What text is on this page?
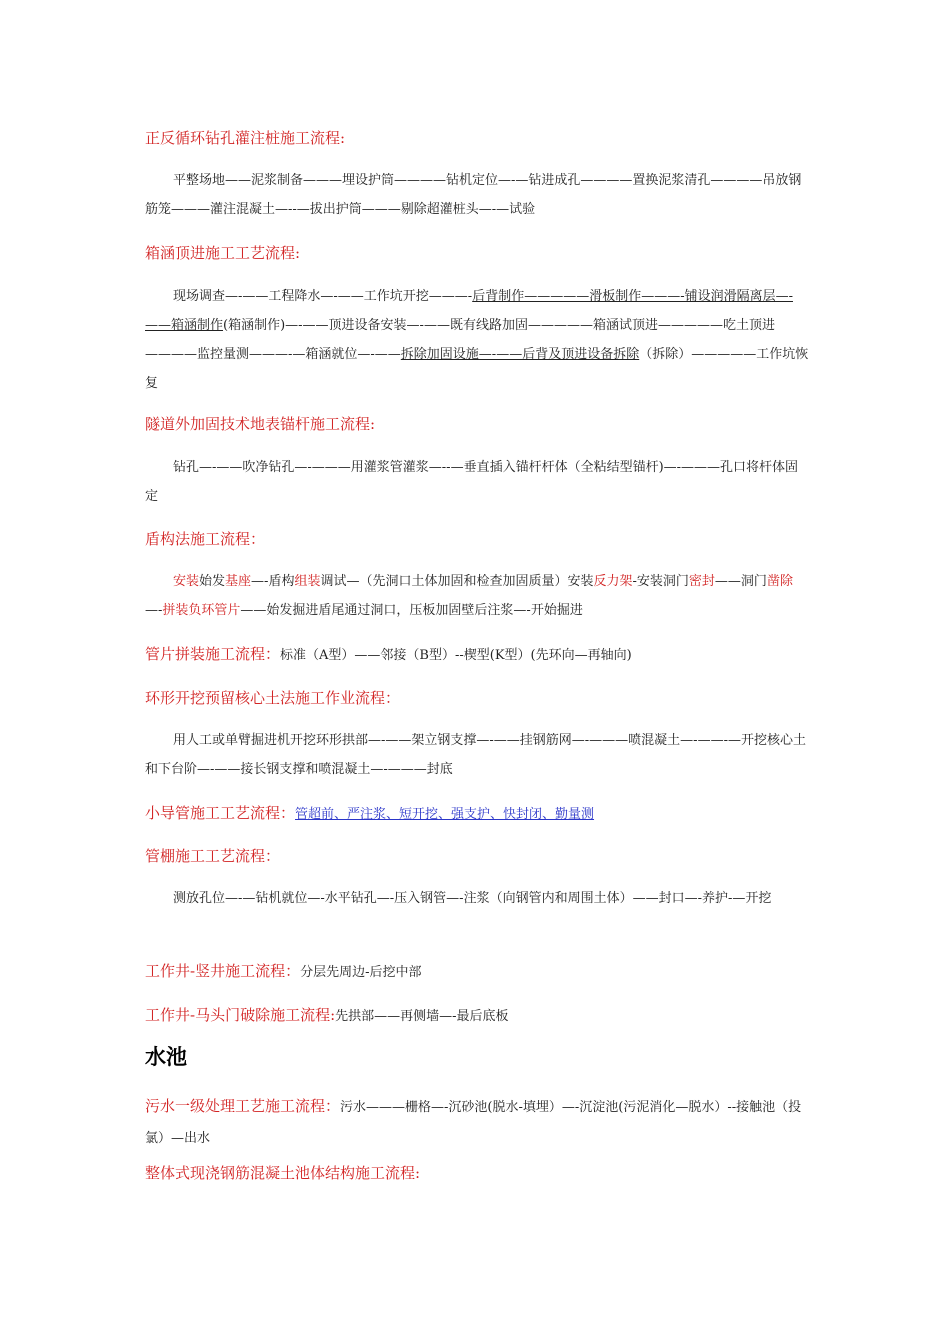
正反循环钻孔灌注桩施工流程:
平整场地——泥浆制备———埋设护筒————钻机定位—-—钻进成孔————置换泥浆清孔————吊放钢筋笼———灌注混凝土—--—拔出护筒———剔除超灌桩头—-—试验
箱涵顶进施工工艺流程:
现场调查—-——工程降水—-——工作坑开挖———-后背制作—————滑板制作———-铺设润滑隔离层—-——箱涵制作(箱涵制作)—-——顶进设备安装—-——既有线路加固—————箱涵试顶进—————吃土顶进————监控量测———-—箱涵就位—-——拆除加固设施—-——后背及顶进设备拆除（拆除）—————工作坑恢复
隧道外加固技术地表锚杆施工流程:
钻孔—-——吹净钻孔—-———用灌浆管灌浆—--—垂直插入锚杆杆体（全粘结型锚杆)—-———孔口将杆体固定
盾构法施工流程：
安装始发基座—-盾构组装调试—（先洞口土体加固和检查加固质量）安装反力架-安装洞门密封——洞门凿除—-拼装负环管片——始发掘进盾尾通过洞口，压板加固壁后注浆—-开始掘进
管片拼装施工流程：标准（A型）——邻接（B型）--楔型(K型）(先环向—再轴向)
环形开挖预留核心土法施工作业流程：
用人工或单臂掘进机开挖环形拱部—-——架立钢支撑—-——挂钢筋网—-———喷混凝土—-——-—开挖核心土和下台阶—-——接长钢支撑和喷混凝土—-———封底
小导管施工工艺流程：管超前、严注浆、短开挖、强支护、快封闭、勤量测
管棚施工工艺流程：
测放孔位—-—钻机就位—-水平钻孔—-压入钢管—-注浆（向钢管内和周围土体）——封口—-养护-—开挖
工作井-竖井施工流程：分层先周边-后挖中部
工作井-马头门破除施工流程:先拱部——再侧墙—-最后底板
水池
污水一级处理工艺施工流程：污水———栅格—-沉砂池(脱水-填埋）—-沉淀池(污泥消化—脱水）--接触池（投氯）—出水
整体式现浇钢筋混凝土池体结构施工流程:
